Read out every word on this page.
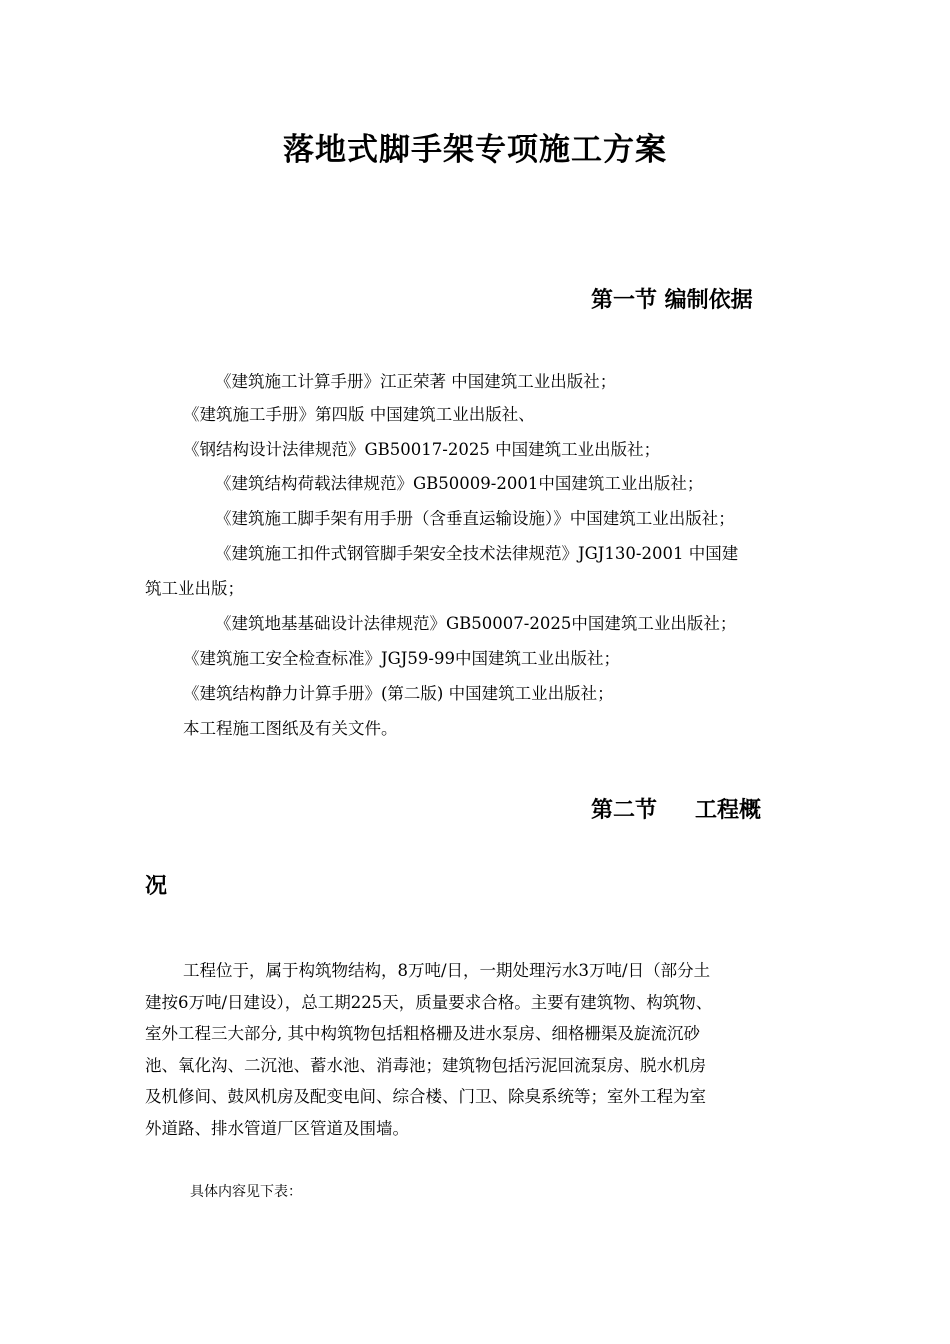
落地式脚手架专项施工方案
第一节 编制依据
《建筑施工计算手册》江正荣著 中国建筑工业出版社；
《建筑施工手册》第四版 中国建筑工业出版社、
《钢结构设计法律规范》GB50017-2025 中国建筑工业出版社；
《建筑结构荷载法律规范》GB50009-2001中国建筑工业出版社；
《建筑施工脚手架有用手册（含垂直运输设施）》中国建筑工业出版社；
《建筑施工扣件式钢管脚手架安全技术法律规范》JGJ130-2001 中国建
筑工业出版；
《建筑地基基础设计法律规范》GB50007-2025中国建筑工业出版社；
《建筑施工安全检查标准》JGJ59-99中国建筑工业出版社；
《建筑结构静力计算手册》(第二版) 中国建筑工业出版社；
本工程施工图纸及有关文件。
第二节 工程概
况
工程位于，属于构筑物结构，8万吨/日，一期处理污水3万吨/日（部分土
建按6万吨/日建设），总工期225天，质量要求合格。主要有建筑物、构筑物、
室外工程三大部分, 其中构筑物包括粗格栅及进水泵房、细格栅渠及旋流沉砂
池、氧化沟、二沉池、蓄水池、消毒池；建筑物包括污泥回流泵房、脱水机房
及机修间、鼓风机房及配变电间、综合楼、门卫、除臭系统等；室外工程为室
外道路、排水管道厂区管道及围墙。
具体内容见下表：
